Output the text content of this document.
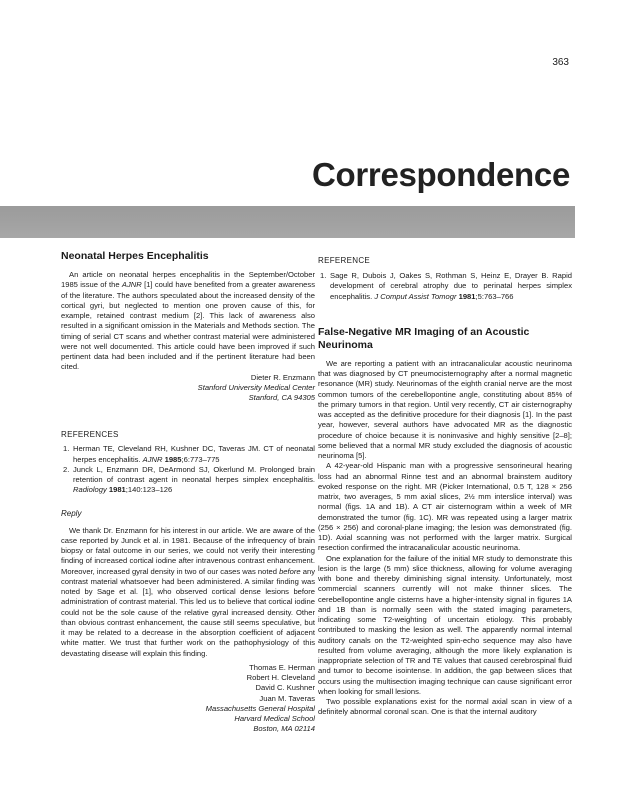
363
Correspondence
Neonatal Herpes Encephalitis

An article on neonatal herpes encephalitis in the September/October 1985 issue of the AJNR [1] could have benefited from a greater awareness of the literature. The authors speculated about the increased density of the cortical gyri, but neglected to mention one proven cause of this, for example, retained contrast medium [2]. This lack of awareness also resulted in a significant omission in the Materials and Methods section. The timing of serial CT scans and whether contrast material were administered were not well documented. This article could have been improved if such pertinent data had been included and if the pertinent literature had been cited.

Dieter R. Enzmann

Stanford University Medical Center

Stanford, CA 94305

REFERENCES

1. Herman TE, Cleveland RH, Kushner DC, Taveras JM. CT of neonatal herpes encephalitis. AJNR 1985;6:773–775
2. Junck L, Enzmann DR, DeArmond SJ, Okerlund M. Prolonged brain retention of contrast agent in neonatal herpes simplex encephalitis. Radiology 1981;140:123–126

Reply

We thank Dr. Enzmann for his interest in our article. We are aware of the case reported by Junck et al. in 1981. Because of the infrequency of brain biopsy or fatal outcome in our series, we could not verify their interesting finding of increased cortical iodine after intravenous contrast enhancement. Moreover, increased gyral density in two of our cases was noted before any contrast material whatsoever had been administered. A similar finding was noted by Sage et al. [1], who observed cortical dense lesions before administration of contrast material. This led us to believe that cortical iodine could not be the sole cause of the relative gyral increased density. Other than obvious contrast enhancement, the cause still seems speculative, but it may be related to a decrease in the absorption coefficient of adjacent white matter. We trust that further work on the pathophysiology of this devastating disease will explain this finding.

Thomas E. Herman

Robert H. Cleveland

David C. Kushner

Juan M. Taveras

Massachusetts General Hospital

Harvard Medical School

Boston, MA 02114

REFERENCE

1. Sage R, Dubois J, Oakes S, Rothman S, Heinz E, Drayer B. Rapid development of cerebral atrophy due to perinatal herpes simplex encephalitis. J Comput Assist Tomogr 1981;5:763–766
False-Negative MR Imaging of an Acoustic Neurinoma

We are reporting a patient with an intracanalicular acoustic neurinoma that was diagnosed by CT pneumocisternography after a normal magnetic resonance (MR) study. Neurinomas of the eighth cranial nerve are the most common tumors of the cerebellopontine angle, constituting about 85% of the primary tumors in that region. Until very recently, CT air cisternography was accepted as the definitive procedure for their diagnosis [1]. In the past year, however, several authors have advocated MR as the diagnostic procedure of choice because it is noninvasive and highly sensitive [2–8]; some believed that a normal MR study excluded the diagnosis of acoustic neurinoma [5].

A 42-year-old Hispanic man with a progressive sensorineural hearing loss had an abnormal Rinne test and an abnormal brainstem auditory evoked response on the right. MR (Picker International, 0.5 T, 128 × 256 matrix, two averages, 5 mm axial slices, 2½ mm interslice interval) was normal (figs. 1A and 1B). A CT air cisternogram within a week of MR demonstrated the tumor (fig. 1C). MR was repeated using a larger matrix (256 × 256) and coronal-plane imaging; the lesion was demonstrated (fig. 1D). Axial scanning was not performed with the larger matrix. Surgical resection confirmed the intracanalicular acoustic neurinoma.

One explanation for the failure of the initial MR study to demonstrate this lesion is the large (5 mm) slice thickness, allowing for volume averaging with bone and thereby diminishing signal intensity. Unfortunately, most commercial scanners currently will not make thinner slices. The cerebellopontine angle cisterns have a higher-intensity signal in figures 1A and 1B than is normally seen with the stated imaging parameters, indicating some T2-weighting of uncertain etiology. This probably contributed to masking the lesion as well. The apparently normal internal auditory canals on the T2-weighted spin-echo sequence may also have resulted from volume averaging, although the more likely explanation is inappropriate selection of TR and TE values that caused cerebrospinal fluid and tumor to become isointense. In addition, the gap between slices that occurs using the multisection imaging technique can cause significant error when looking for small lesions.

Two possible explanations exist for the normal axial scan in view of a definitely abnormal coronal scan. One is that the internal auditory
